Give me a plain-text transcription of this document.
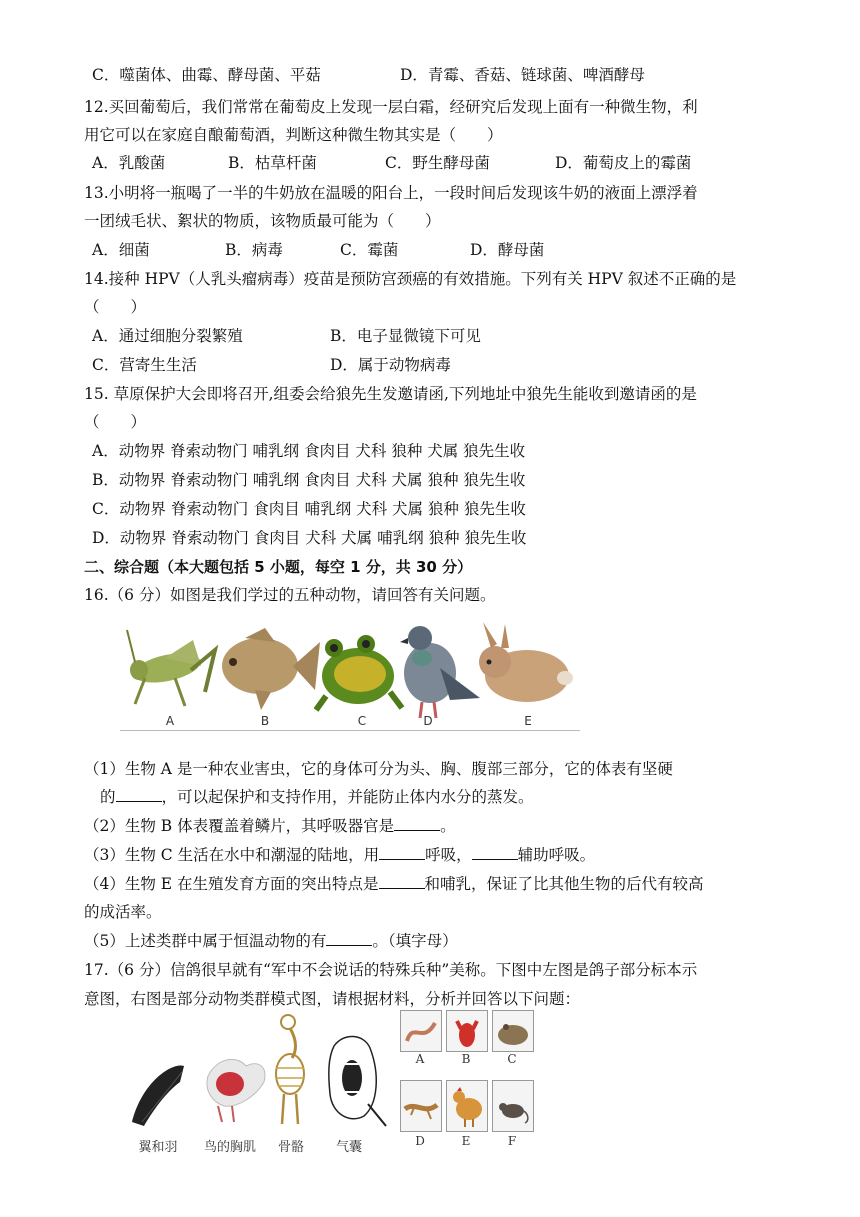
C．噬菌体、曲霉、酵母菌、平菇	D．青霉、香菇、链球菌、啤酒酵母
12.买回葡萄后，我们常常在葡萄皮上发现一层白霜，经研究后发现上面有一种微生物，利
用它可以在家庭自酿葡萄酒，判断这种微生物其实是（　　）
A．乳酸菌	B．枯草杆菌	C．野生酵母菌	D．葡萄皮上的霉菌
13.小明将一瓶喝了一半的牛奶放在温暖的阳台上，一段时间后发现该牛奶的液面上漂浮着
一团绒毛状、絮状的物质，该物质最可能为（　　）
A．细菌	B．病毒	C．霉菌	D．酵母菌
14.接种 HPV（人乳头瘤病毒）疫苗是预防宫颈癌的有效措施。下列有关 HPV 叙述不正确的是
（　　）
A．通过细胞分裂繁殖	B．电子显微镜下可见
C．营寄生生活	D．属于动物病毒
15. 草原保护大会即将召开,组委会给狼先生发邀请函,下列地址中狼先生能收到邀请函的是
（　　）
A．动物界 脊索动物门 哺乳纲 食肉目 犬科 狼种 犬属 狼先生收
B．动物界 脊索动物门 哺乳纲 食肉目 犬科 犬属 狼种 狼先生收
C．动物界 脊索动物门 食肉目 哺乳纲 犬科 犬属 狼种 狼先生收
D．动物界 脊索动物门 食肉目 犬科 犬属 哺乳纲 狼种 狼先生收
二、综合题（本大题包括 5 小题，每空 1 分，共 30 分）
16.（6 分）如图是我们学过的五种动物，请回答有关问题。
A	B	C	D	E
（1）生物 A 是一种农业害虫，它的身体可分为头、胸、腹部三部分，它的体表有坚硬
的	，可以起保护和支持作用，并能防止体内水分的蒸发。
（2）生物 B 体表覆盖着鳞片，其呼吸器官是	。
（3）生物 C 生活在水中和潮湿的陆地，用	呼吸，	辅助呼吸。
（4）生物 E 在生殖发育方面的突出特点是	和哺乳，保证了比其他生物的后代有较高
的成活率。
（5）上述类群中属于恒温动物的有	。（填字母）
17.（6 分）信鸽很早就有“军中不会说话的特殊兵种”美称。下图中左图是鸽子部分标本示
意图，右图是部分动物类群模式图，请根据材料，分析并回答以下问题：
翼和羽	鸟的胸肌	骨骼	气囊
A	B	C
D	E	F
